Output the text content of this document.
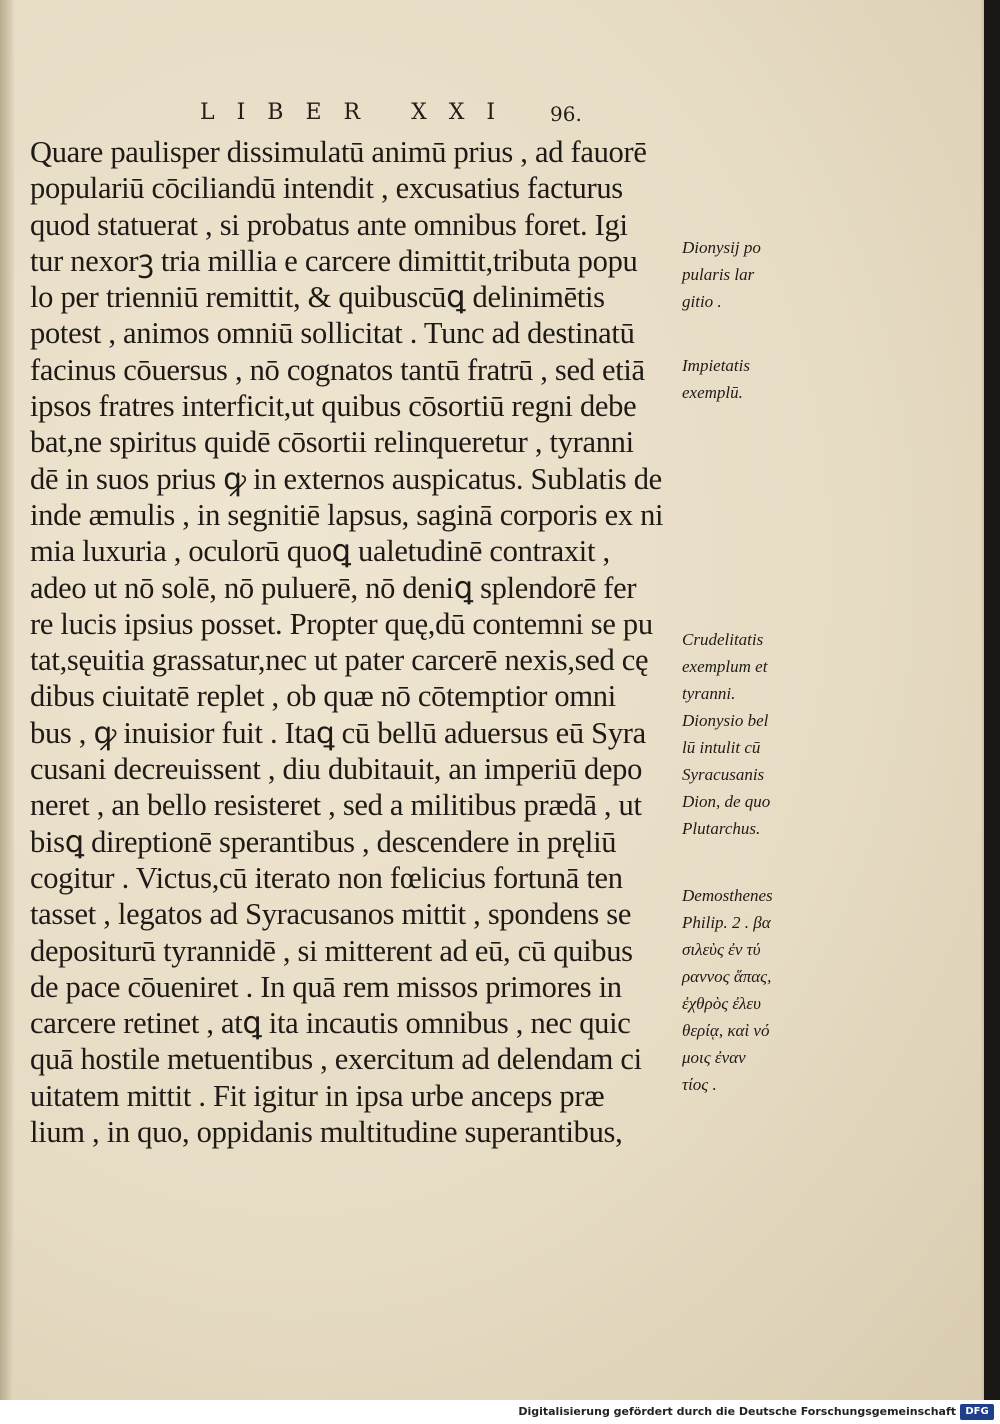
LIBER XXI 96.
Quare paulisper dissimulatū animū prius , ad fauorē
populariū cōciliandū intendit , excusatius facturus
quod statuerat , si probatus ante omnibus foret. Igi
tur nexorꝫ tria millia e carcere dimittit,tributa popu
lo per trienniū remittit, & quibuscūꝗ delinimētis
potest , animos omniū sollicitat . Tunc ad destinatū
facinus cōuersus , nō cognatos tantū fratrū , sed etiā
ipsos fratres interficit,ut quibus cōsortiū regni debe
bat,ne spiritus quidē cōsortii relinqueretur , tyranni
dē in suos prius ꝙ in externos auspicatus. Sublatis de
inde æmulis , in segnitiē lapsus, saginā corporis ex ni
mia luxuria , oculorū quoꝗ ualetudinē contraxit ,
adeo ut nō solē, nō puluerē, nō deniꝗ splendorē fer
re lucis ipsius posset. Propter quę,dū contemni se pu
tat,sęuitia grassatur,nec ut pater carcerē nexis,sed cę
dibus ciuitatē replet , ob quæ nō cōtemptior omni
bus , ꝙ inuisior fuit . Itaꝗ cū bellū aduersus eū Syra
cusani decreuissent , diu dubitauit, an imperiū depo
neret , an bello resisteret , sed a militibus prædā , ut
bisꝗ direptionē sperantibus , descendere in pręliū
cogitur . Victus,cū iterato non fœlicius fortunā ten
tasset , legatos ad Syracusanos mittit , spondens se
depositurū tyrannidē , si mitterent ad eū, cū quibus
de pace cōueniret . In quā rem missos primores in
carcere retinet , atꝗ ita incautis omnibus , nec quic
quā hostile metuentibus , exercitum ad delendam ci
uitatem mittit . Fit igitur in ipsa urbe anceps præ
lium , in quo, oppidanis multitudine superantibus,
Dionysij po
pularis lar
gitio .
Impietatis
exemplū.
Crudelitatis
exemplum et
tyranni.
Dionysio bel
lū intulit cū
Syracusanis
Dion, de quo
Plutarchus.
Demosthenes
Philip. 2 . βα
σιλεὺς ἐν τύ
ραννος ἅπας,
ἐχθρὸς ἐλευ
θερίᾳ, καὶ νό
μοις ἐναν
τίος .
Digitalisierung gefördert durch die Deutsche Forschungsgemeinschaft DFG
